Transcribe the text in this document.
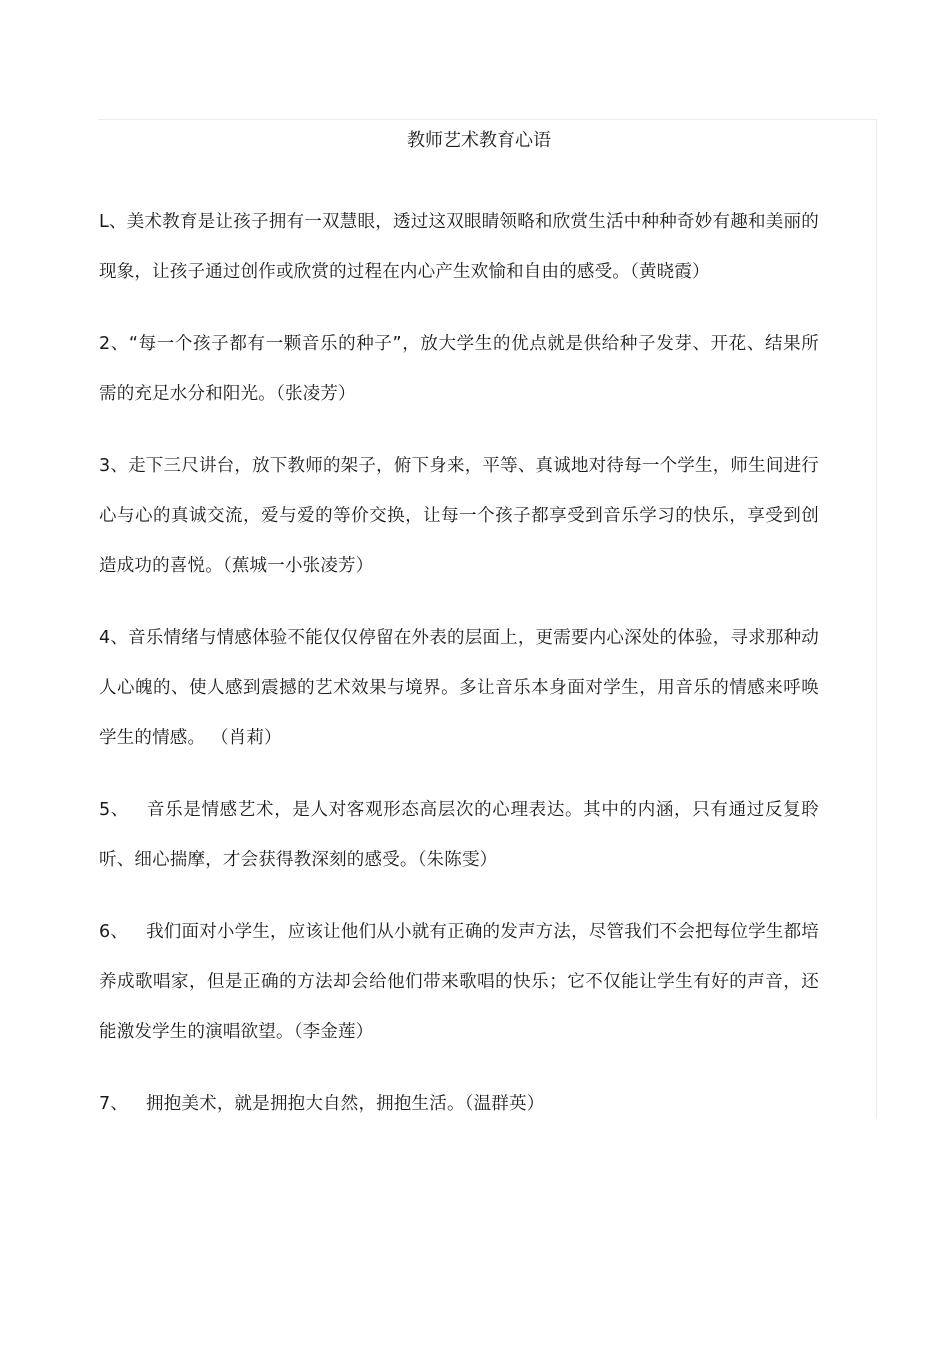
教师艺术教育心语

L、美术教育是让孩子拥有一双慧眼，透过这双眼睛领略和欣赏生活中种种奇妙有趣和美丽的现象，让孩子通过创作或欣赏的过程在内心产生欢愉和自由的感受。（黄晓霞）

2、“每一个孩子都有一颗音乐的种子”，放大学生的优点就是供给种子发芽、开花、结果所需的充足水分和阳光。（张凌芳）

3、走下三尺讲台，放下教师的架子，俯下身来，平等、真诚地对待每一个学生，师生间进行心与心的真诚交流，爱与爱的等价交换，让每一个孩子都享受到音乐学习的快乐，享受到创造成功的喜悦。（蕉城一小张凌芳）

4、音乐情绪与情感体验不能仅仅停留在外表的层面上，更需要内心深处的体验，寻求那种动人心魄的、使人感到震撼的艺术效果与境界。多让音乐本身面对学生，用音乐的情感来呼唤学生的情感。 （肖莉）

5、 音乐是情感艺术，是人对客观形态高层次的心理表达。其中的内涵，只有通过反复聆听、细心揣摩，才会获得教深刻的感受。（朱陈雯）

6、 我们面对小学生，应该让他们从小就有正确的发声方法，尽管我们不会把每位学生都培养成歌唱家，但是正确的方法却会给他们带来歌唱的快乐；它不仅能让学生有好的声音，还能激发学生的演唱欲望。（李金莲）

7、 拥抱美术，就是拥抱大自然，拥抱生活。（温群英）
